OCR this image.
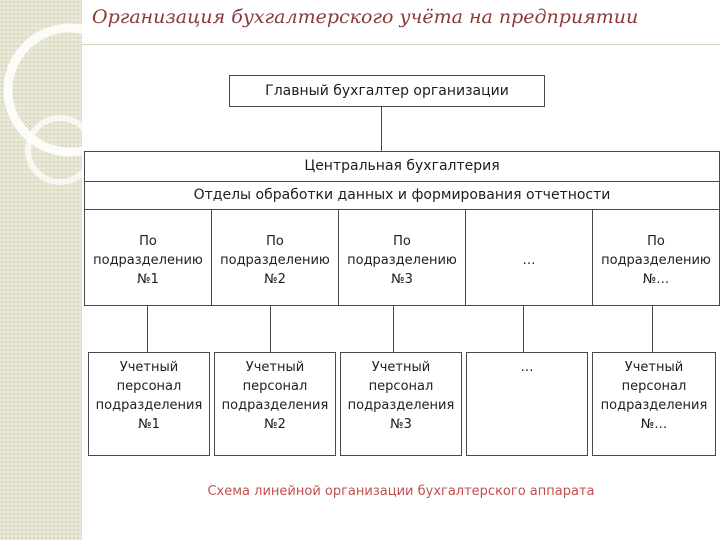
Организация бухгалтерского учёта на предприятии
Главный бухгалтер организации
Центральная бухгалтерия
Отделы обработки данных и формирования отчетности
По
подразделению
№1
По
подразделению
№2
По
подразделению
№3
…
По
подразделению
№…
Учетный
персонал
подразделения
№1
Учетный
персонал
подразделения
№2
Учетный
персонал
подразделения
№3
…	Учетный
персонал
подразделения
№…
Схема линейной организации бухгалтерского аппарата
